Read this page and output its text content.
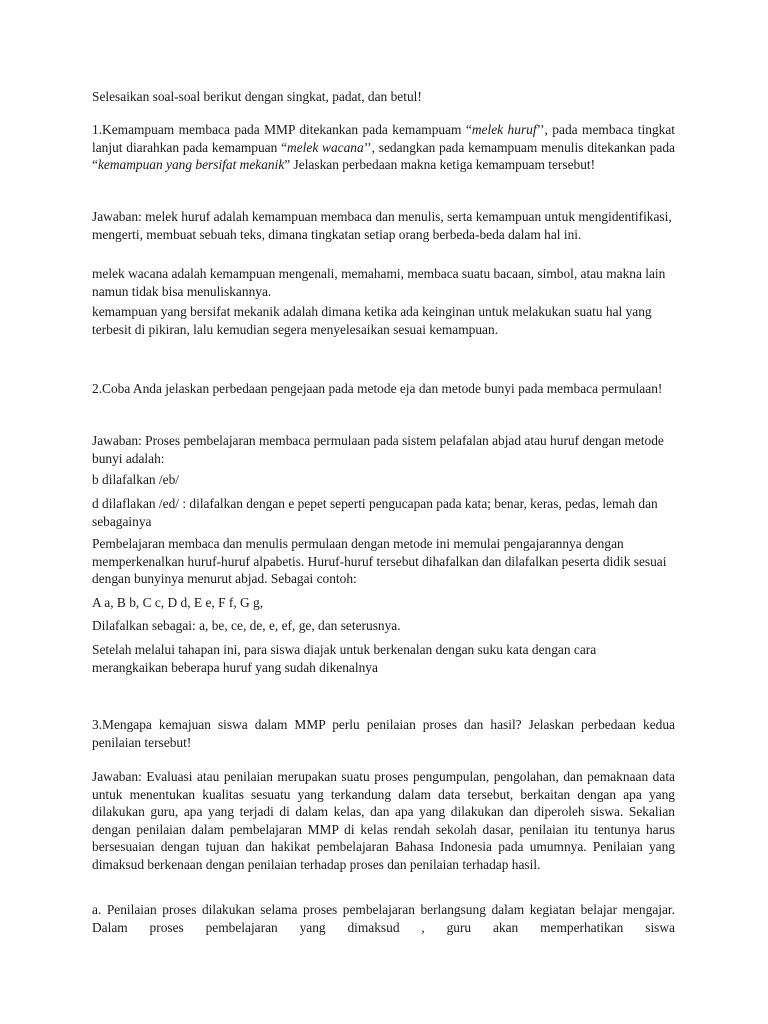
Selesaikan soal-soal berikut dengan singkat, padat, dan betul!

1.Kemampuam membaca pada MMP ditekankan pada kemampuam “melek huruf’’, pada membaca tingkat lanjut diarahkan pada kemampuan “melek wacana’’, sedangkan pada kemampuam menulis ditekankan pada “kemampuan yang bersifat mekanik” Jelaskan perbedaan makna ketiga kemampuam tersebut!

Jawaban: melek huruf adalah kemampuan membaca dan menulis, serta kemampuan untuk mengidentifikasi, mengerti, membuat sebuah teks, dimana tingkatan setiap orang berbeda-beda dalam hal ini.

melek wacana adalah kemampuan mengenali, memahami, membaca suatu bacaan, simbol, atau makna lain namun tidak bisa menuliskannya.

kemampuan yang bersifat mekanik adalah dimana ketika ada keinginan untuk melakukan suatu hal yang terbesit di pikiran, lalu kemudian segera menyelesaikan sesuai kemampuan.

2.Coba Anda jelaskan perbedaan pengejaan pada metode eja dan metode bunyi pada membaca permulaan!

Jawaban: Proses pembelajaran membaca permulaan pada sistem pelafalan abjad atau huruf dengan metode bunyi adalah:

b dilafalkan /eb/

d dilaflakan /ed/ : dilafalkan dengan e pepet seperti pengucapan pada kata; benar, keras, pedas, lemah dan sebagainya

Pembelajaran membaca dan menulis permulaan dengan metode ini memulai pengajarannya dengan memperkenalkan huruf-huruf alpabetis. Huruf-huruf tersebut dihafalkan dan dilafalkan peserta didik sesuai dengan bunyinya menurut abjad. Sebagai contoh:

A a, B b, C c, D d, E e, F f, G g,

Dilafalkan sebagai: a, be, ce, de, e, ef, ge, dan seterusnya.

Setelah melalui tahapan ini, para siswa diajak untuk berkenalan dengan suku kata dengan cara merangkaikan beberapa huruf yang sudah dikenalnya

3.Mengapa kemajuan siswa dalam MMP perlu penilaian proses dan hasil? Jelaskan perbedaan kedua penilaian tersebut!

Jawaban: Evaluasi atau penilaian merupakan suatu proses pengumpulan, pengolahan, dan pemaknaan data untuk menentukan kualitas sesuatu yang terkandung dalam data tersebut, berkaitan dengan apa yang dilakukan guru, apa yang terjadi di dalam kelas, dan apa yang dilakukan dan diperoleh siswa. Sekalian dengan penilaian dalam pembelajaran MMP di kelas rendah sekolah dasar, penilaian itu tentunya harus bersesuaian dengan tujuan dan hakikat pembelajaran Bahasa Indonesia pada umumnya. Penilaian yang dimaksud berkenaan dengan penilaian terhadap proses dan penilaian terhadap hasil.

a. Penilaian proses dilakukan selama proses pembelajaran berlangsung dalam kegiatan belajar mengajar. Dalam proses pembelajaran yang dimaksud , guru akan memperhatikan siswa
